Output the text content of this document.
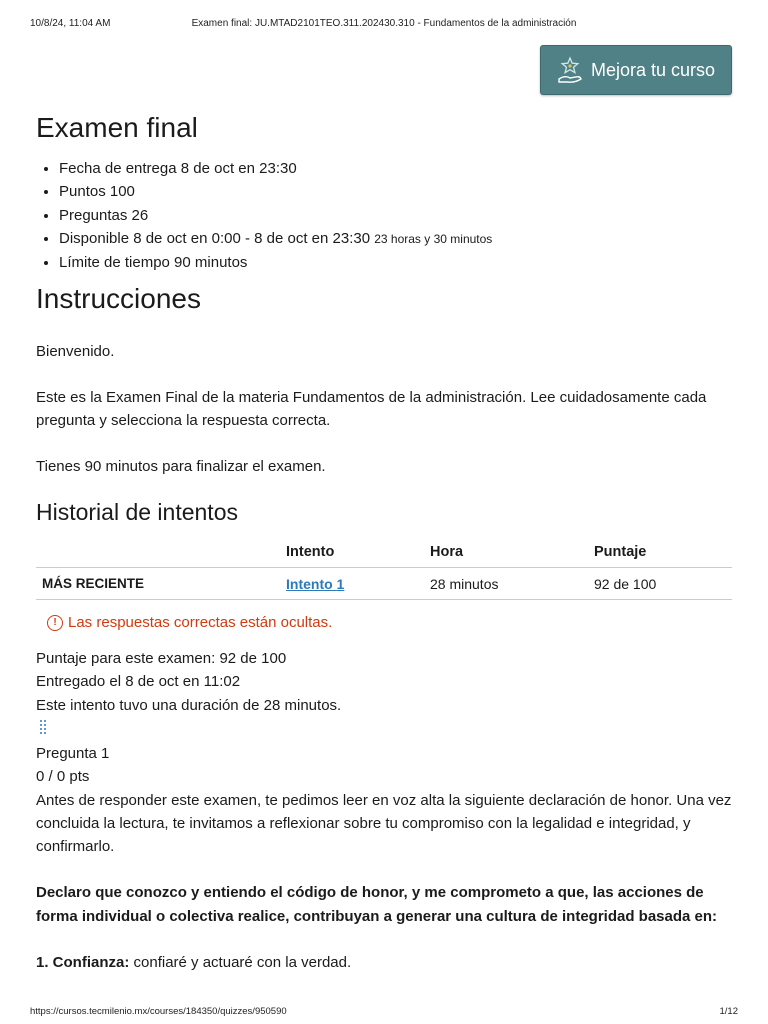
10/8/24, 11:04 AM	Examen final: JU.MTAD2101TEO.311.202430.310 - Fundamentos de la administración
Mejora tu curso
Examen final
• Fecha de entrega 8 de oct en 23:30
• Puntos 100
• Preguntas 26
• Disponible 8 de oct en 0:00 - 8 de oct en 23:30 23 horas y 30 minutos
• Límite de tiempo 90 minutos
Instrucciones

Bienvenido.

Este es la Examen Final de la materia Fundamentos de la administración. Lee cuidadosamente cada pregunta y selecciona la respuesta correcta.

Tienes 90 minutos para finalizar el examen.

Historial de intentos
	Intento	Hora	Puntaje
MÁS RECIENTE	Intento 1	28 minutos	92 de 100
! Las respuestas correctas están ocultas.
Puntaje para este examen: 92 de 100
Entregado el 8 de oct en 11:02
Este intento tuvo una duración de 28 minutos.

Pregunta 1

0 / 0 pts

Antes de responder este examen, te pedimos leer en voz alta la siguiente declaración de honor. Una vez concluida la lectura, te invitamos a reflexionar sobre tu compromiso con la legalidad e integridad, y confirmarlo.

Declaro que conozco y entiendo el código de honor, y me comprometo a que, las acciones de forma individual o colectiva realice, contribuyan a generar una cultura de integridad basada en:

1. Confianza: confiaré y actuaré con la verdad.

https://cursos.tecmilenio.mx/courses/184350/quizzes/950590	1/12
